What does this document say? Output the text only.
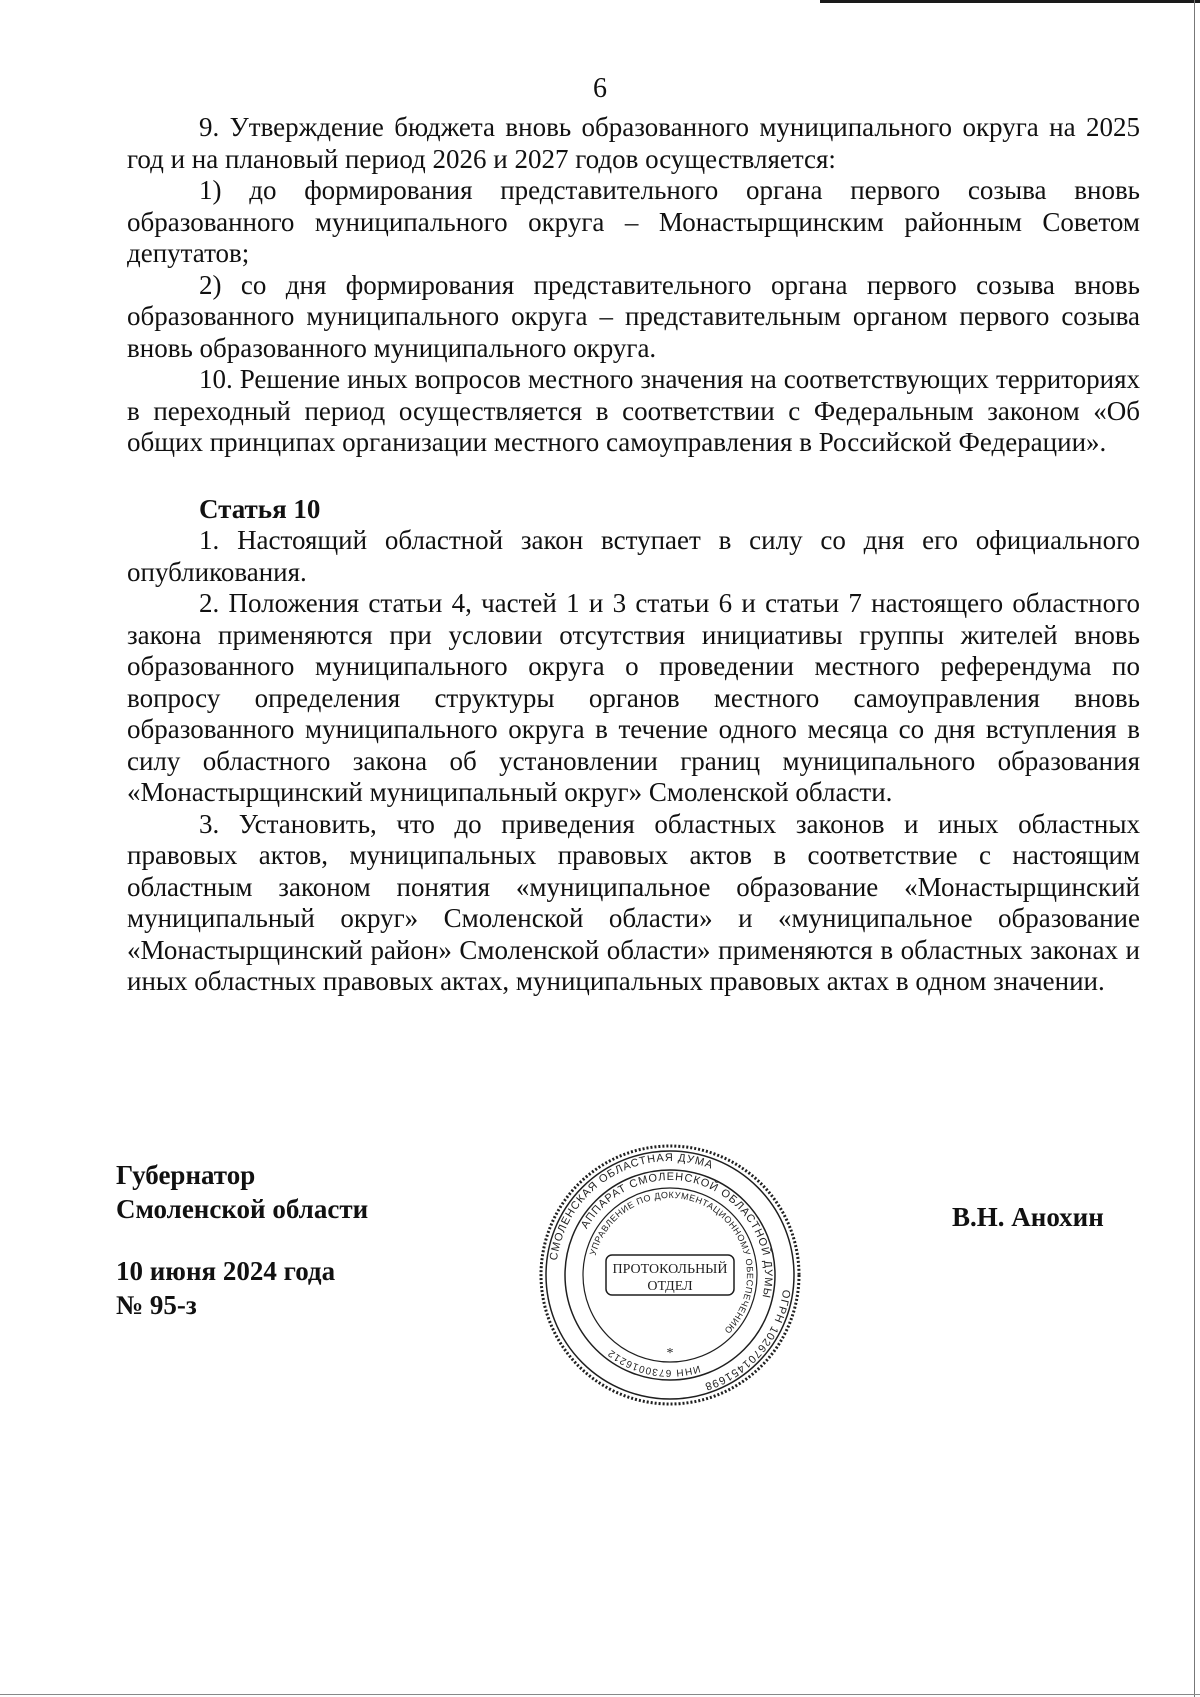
6

9. Утверждение бюджета вновь образованного муниципального округа на 2025 год и на плановый период 2026 и 2027 годов осуществляется:

1) до формирования представительного органа первого созыва вновь образованного муниципального округа – Монастырщинским районным Советом депутатов;

2) со дня формирования представительного органа первого созыва вновь образованного муниципального округа – представительным органом первого созыва вновь образованного муниципального округа.

10. Решение иных вопросов местного значения на соответствующих территориях в переходный период осуществляется в соответствии с Федеральным законом «Об общих принципах организации местного самоуправления в Российской Федерации».

Статья 10

1. Настоящий областной закон вступает в силу со дня его официального опубликования.

2. Положения статьи 4, частей 1 и 3 статьи 6 и статьи 7 настоящего областного закона применяются при условии отсутствия инициативы группы жителей вновь образованного муниципального округа о проведении местного референдума по вопросу определения структуры органов местного самоуправления вновь образованного муниципального округа в течение одного месяца со дня вступления в силу областного закона об установлении границ муниципального образования «Монастырщинский муниципальный округ» Смоленской области.

3. Установить, что до приведения областных законов и иных областных правовых актов, муниципальных правовых актов в соответствие с настоящим областным законом понятия «муниципальное образование «Монастырщинский муниципальный округ» Смоленской области» и «муниципальное образование «Монастырщинский район» Смоленской области» применяются в областных законах и иных областных правовых актах, муниципальных правовых актах в одном значении.

Губернатор
Смоленской области
10 июня 2024 года
№ 95-з
В.Н. Анохин
СМОЛЕНСКАЯ ОБЛАСТНАЯ ДУМА
ОГРН 1026701451698
АППАРАТ СМОЛЕНСКОЙ ОБЛАСТНОЙ ДУМЫ
ИНН 6730016212
УПРАВЛЕНИЕ ПО ДОКУМЕНТАЦИОННОМУ ОБЕСПЕЧЕНИЮ
ПРОТОКОЛЬНЫЙ
ОТДЕЛ
*
